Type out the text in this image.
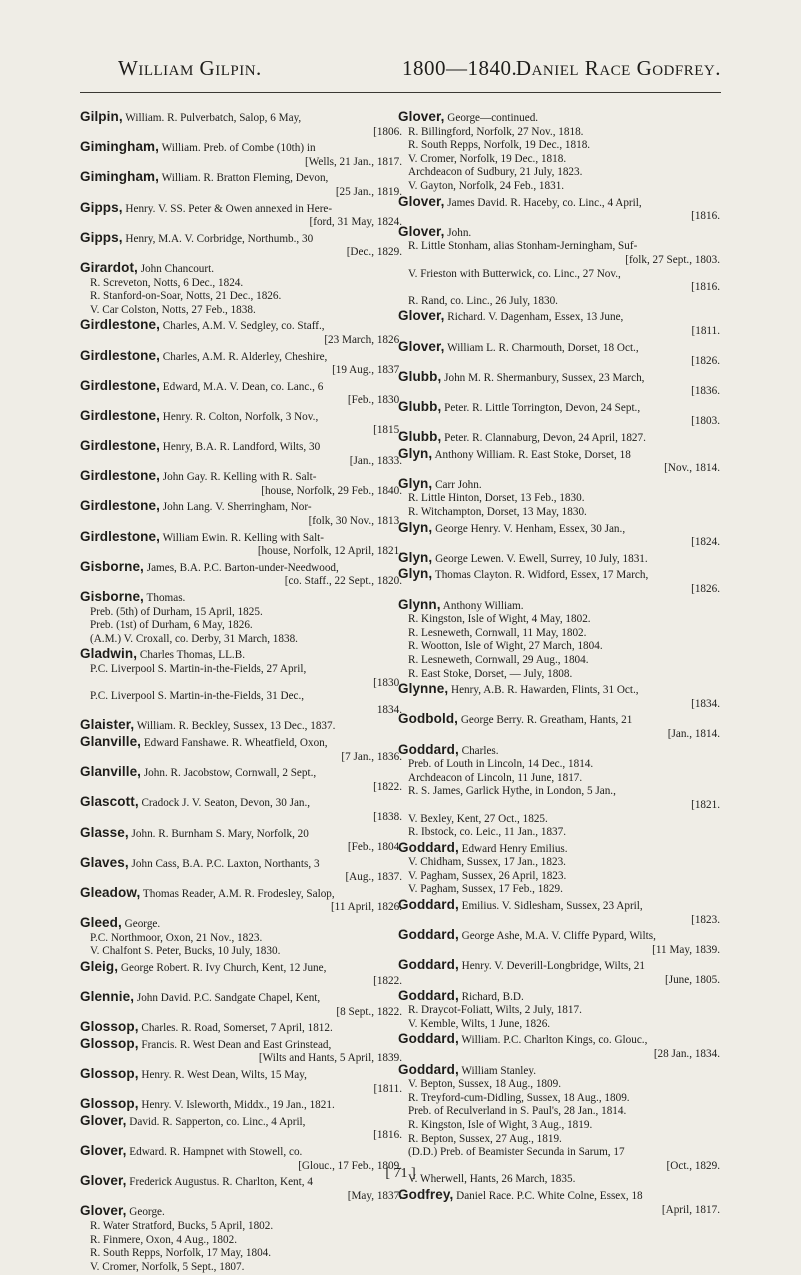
William Gilpin.	1800—1840.
Daniel Race Godfrey.
Gilpin, William. R. Pulverbatch, Salop, 6 May,
[1806.
Gimingham, William. Preb. of Combe (10th) in
[Wells, 21 Jan., 1817.
Gimingham, William. R. Bratton Fleming, Devon,
[25 Jan., 1819.
Gipps, Henry. V. SS. Peter & Owen annexed in Here-
[ford, 31 May, 1824.
Gipps, Henry, M.A. V. Corbridge, Northumb., 30
[Dec., 1829.
Girardot, John Chancourt.
R. Screveton, Notts, 6 Dec., 1824.
R. Stanford-on-Soar, Notts, 21 Dec., 1826.
V. Car Colston, Notts, 27 Feb., 1838.
Girdlestone, Charles, A.M. V. Sedgley, co. Staff.,
[23 March, 1826.
Girdlestone, Charles, A.M. R. Alderley, Cheshire,
[19 Aug., 1837.
Girdlestone, Edward, M.A. V. Dean, co. Lanc., 6
[Feb., 1830.
Girdlestone, Henry. R. Colton, Norfolk, 3 Nov.,
[1815.
Girdlestone, Henry, B.A. R. Landford, Wilts, 30
[Jan., 1833.
Girdlestone, John Gay. R. Kelling with R. Salt-
[house, Norfolk, 29 Feb., 1840.
Girdlestone, John Lang. V. Sherringham, Nor-
[folk, 30 Nov., 1813.
Girdlestone, William Ewin. R. Kelling with Salt-
[house, Norfolk, 12 April, 1821.
Gisborne, James, B.A. P.C. Barton-under-Needwood,
[co. Staff., 22 Sept., 1820.
Gisborne, Thomas.
Preb. (5th) of Durham, 15 April, 1825.
Preb. (1st) of Durham, 6 May, 1826.
(A.M.) V. Croxall, co. Derby, 31 March, 1838.
Gladwin, Charles Thomas, LL.B.
P.C. Liverpool S. Martin-in-the-Fields, 27 April,
[1830.
P.C. Liverpool S. Martin-in-the-Fields, 31 Dec.,
1834.
Glaister, William. R. Beckley, Sussex, 13 Dec., 1837.
Glanville, Edward Fanshawe. R. Wheatfield, Oxon,
[7 Jan., 1836.
Glanville, John. R. Jacobstow, Cornwall, 2 Sept.,
[1822.
Glascott, Cradock J. V. Seaton, Devon, 30 Jan.,
[1838.
Glasse, John. R. Burnham S. Mary, Norfolk, 20
[Feb., 1804.
Glaves, John Cass, B.A. P.C. Laxton, Northants, 3
[Aug., 1837.
Gleadow, Thomas Reader, A.M. R. Frodesley, Salop,
[11 April, 1826.
Gleed, George.
P.C. Northmoor, Oxon, 21 Nov., 1823.
V. Chalfont S. Peter, Bucks, 10 July, 1830.
Gleig, George Robert. R. Ivy Church, Kent, 12 June,
[1822.
Glennie, John David. P.C. Sandgate Chapel, Kent,
[8 Sept., 1822.
Glossop, Charles. R. Road, Somerset, 7 April, 1812.
Glossop, Francis. R. West Dean and East Grinstead,
[Wilts and Hants, 5 April, 1839.
Glossop, Henry. R. West Dean, Wilts, 15 May,
[1811.
Glossop, Henry. V. Isleworth, Middx., 19 Jan., 1821.
Glover, David. R. Sapperton, co. Linc., 4 April,
[1816.
Glover, Edward. R. Hampnet with Stowell, co.
[Glouc., 17 Feb., 1809.
Glover, Frederick Augustus. R. Charlton, Kent, 4
[May, 1837.
Glover, George.
R. Water Stratford, Bucks, 5 April, 1802.
R. Finmere, Oxon, 4 Aug., 1802.
R. South Repps, Norfolk, 17 May, 1804.
V. Cromer, Norfolk, 5 Sept., 1807.
Glover, George—continued.
R. Billingford, Norfolk, 27 Nov., 1818.
R. South Repps, Norfolk, 19 Dec., 1818.
V. Cromer, Norfolk, 19 Dec., 1818.
Archdeacon of Sudbury, 21 July, 1823.
V. Gayton, Norfolk, 24 Feb., 1831.
Glover, James David. R. Haceby, co. Linc., 4 April,
[1816.
Glover, John.
R. Little Stonham, alias Stonham-Jerningham, Suf-
[folk, 27 Sept., 1803.
V. Frieston with Butterwick, co. Linc., 27 Nov.,
[1816.
R. Rand, co. Linc., 26 July, 1830.
Glover, Richard. V. Dagenham, Essex, 13 June,
[1811.
Glover, William L. R. Charmouth, Dorset, 18 Oct.,
[1826.
Glubb, John M. R. Shermanbury, Sussex, 23 March,
[1836.
Glubb, Peter. R. Little Torrington, Devon, 24 Sept.,
[1803.
Glubb, Peter. R. Clannaburg, Devon, 24 April, 1827.
Glyn, Anthony William. R. East Stoke, Dorset, 18
[Nov., 1814.
Glyn, Carr John.
R. Little Hinton, Dorset, 13 Feb., 1830.
R. Witchampton, Dorset, 13 May, 1830.
Glyn, George Henry. V. Henham, Essex, 30 Jan.,
[1824.
Glyn, George Lewen. V. Ewell, Surrey, 10 July, 1831.
Glyn, Thomas Clayton. R. Widford, Essex, 17 March,
[1826.
Glynn, Anthony William.
R. Kingston, Isle of Wight, 4 May, 1802.
R. Lesneweth, Cornwall, 11 May, 1802.
R. Wootton, Isle of Wight, 27 March, 1804.
R. Lesneweth, Cornwall, 29 Aug., 1804.
R. East Stoke, Dorset, — July, 1808.
Glynne, Henry, A.B. R. Hawarden, Flints, 31 Oct.,
[1834.
Godbold, George Berry. R. Greatham, Hants, 21
[Jan., 1814.
Goddard, Charles.
Preb. of Louth in Lincoln, 14 Dec., 1814.
Archdeacon of Lincoln, 11 June, 1817.
R. S. James, Garlick Hythe, in London, 5 Jan.,
[1821.
V. Bexley, Kent, 27 Oct., 1825.
R. Ibstock, co. Leic., 11 Jan., 1837.
Goddard, Edward Henry Emilius.
V. Chidham, Sussex, 17 Jan., 1823.
V. Pagham, Sussex, 26 April, 1823.
V. Pagham, Sussex, 17 Feb., 1829.
Goddard, Emilius. V. Sidlesham, Sussex, 23 April,
[1823.
Goddard, George Ashe, M.A. V. Cliffe Pypard, Wilts,
[11 May, 1839.
Goddard, Henry. V. Deverill-Longbridge, Wilts, 21
[June, 1805.
Goddard, Richard, B.D.
R. Draycot-Foliatt, Wilts, 2 July, 1817.
V. Kemble, Wilts, 1 June, 1826.
Goddard, William. P.C. Charlton Kings, co. Glouc.,
[28 Jan., 1834.
Goddard, William Stanley.
V. Bepton, Sussex, 18 Aug., 1809.
R. Treyford-cum-Didling, Sussex, 18 Aug., 1809.
Preb. of Reculverland in S. Paul's, 28 Jan., 1814.
R. Kingston, Isle of Wight, 3 Aug., 1819.
R. Bepton, Sussex, 27 Aug., 1819.
(D.D.) Preb. of Beamister Secunda in Sarum, 17
[Oct., 1829.
V. Wherwell, Hants, 26 March, 1835.
Godfrey, Daniel Race. P.C. White Colne, Essex, 18
[April, 1817.
[ 71 ]
